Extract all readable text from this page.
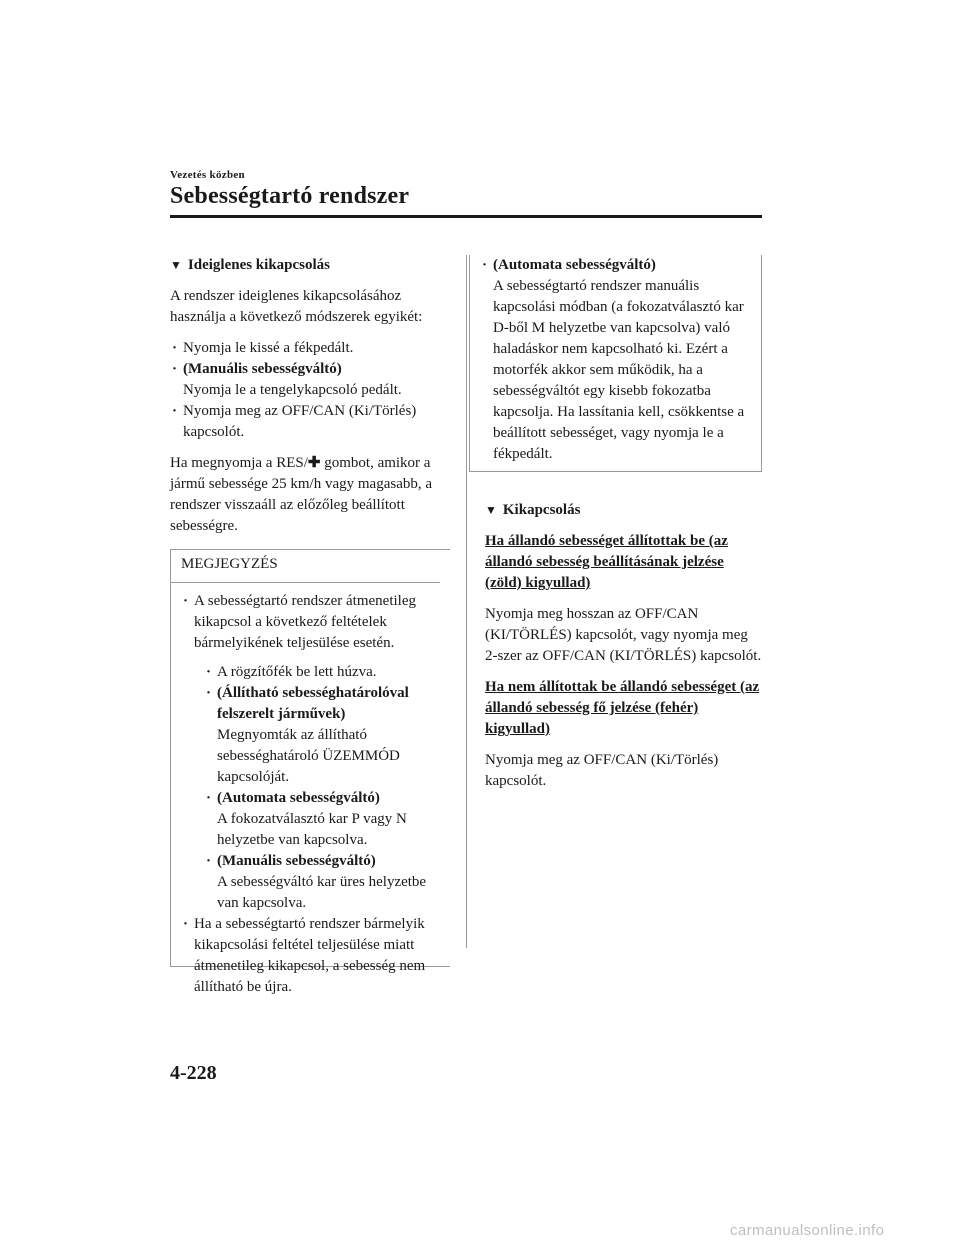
Vezetés közben
Sebességtartó rendszer
▼ Ideiglenes kikapcsolás

A rendszer ideiglenes kikapcsolásához használja a következő módszerek egyikét:

· Nyomja le kissé a fékpedált.
· (Manuális sebességváltó)
Nyomja le a tengelykapcsoló pedált.
· Nyomja meg az OFF/CAN (Ki/Törlés) kapcsolót.

Ha megnyomja a RES/✚ gombot, amikor a jármű sebessége 25 km/h vagy magasabb, a rendszer visszaáll az előzőleg beállított sebességre.

MEGJEGYZÉS
· A sebességtartó rendszer átmenetileg kikapcsol a következő feltételek bármelyikének teljesülése esetén.
· A rögzítőfék be lett húzva.
· (Állítható sebességhatárolóval felszerelt járművek)
Megnyomták az állítható sebességhatároló ÜZEMMÓD kapcsolóját.
· (Automata sebességváltó)
A fokozatválasztó kar P vagy N helyzetbe van kapcsolva.
· (Manuális sebességváltó)
A sebességváltó kar üres helyzetbe van kapcsolva.
· Ha a sebességtartó rendszer bármelyik kikapcsolási feltétel teljesülése miatt átmenetileg kikapcsol, a sebesség nem állítható be újra.
· (Automata sebességváltó)
A sebességtartó rendszer manuális kapcsolási módban (a fokozatválasztó kar D-ből M helyzetbe van kapcsolva) való haladáskor nem kapcsolható ki. Ezért a motorfék akkor sem működik, ha a sebességváltót egy kisebb fokozatba kapcsolja. Ha lassítania kell, csökkentse a beállított sebességet, vagy nyomja le a fékpedált.
▼ Kikapcsolás
Ha állandó sebességet állítottak be (az állandó sebesség beállításának jelzése (zöld) kigyullad)

Nyomja meg hosszan az OFF/CAN (KI/TÖRLÉS) kapcsolót, vagy nyomja meg 2-szer az OFF/CAN (KI/TÖRLÉS) kapcsolót.

Ha nem állítottak be állandó sebességet (az állandó sebesség fő jelzése (fehér) kigyullad)

Nyomja meg az OFF/CAN (Ki/Törlés) kapcsolót.

4-228
carmanualsonline.info
